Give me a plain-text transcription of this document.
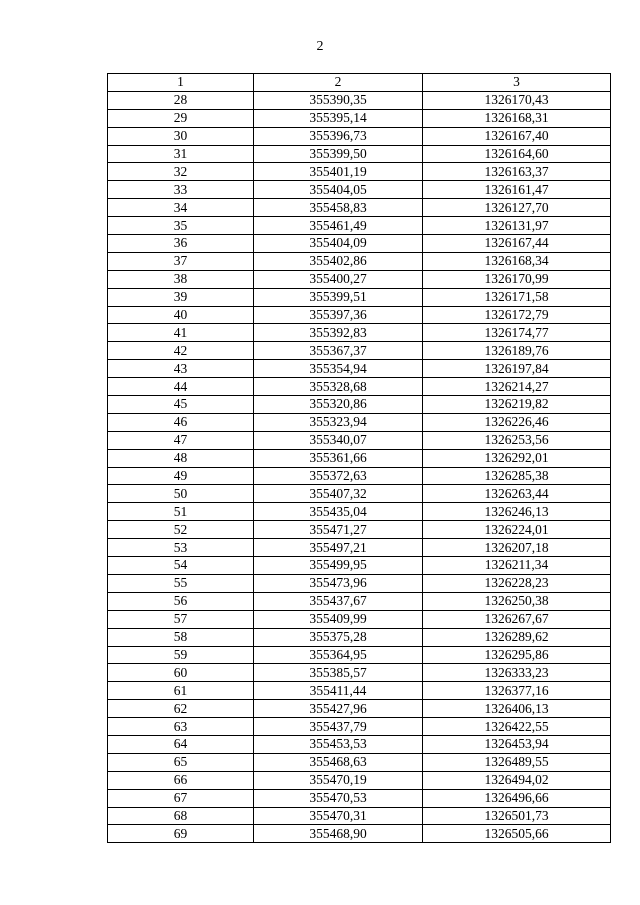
2
1	2	3
28	355390,35	1326170,43
29	355395,14	1326168,31
30	355396,73	1326167,40
31	355399,50	1326164,60
32	355401,19	1326163,37
33	355404,05	1326161,47
34	355458,83	1326127,70
35	355461,49	1326131,97
36	355404,09	1326167,44
37	355402,86	1326168,34
38	355400,27	1326170,99
39	355399,51	1326171,58
40	355397,36	1326172,79
41	355392,83	1326174,77
42	355367,37	1326189,76
43	355354,94	1326197,84
44	355328,68	1326214,27
45	355320,86	1326219,82
46	355323,94	1326226,46
47	355340,07	1326253,56
48	355361,66	1326292,01
49	355372,63	1326285,38
50	355407,32	1326263,44
51	355435,04	1326246,13
52	355471,27	1326224,01
53	355497,21	1326207,18
54	355499,95	1326211,34
55	355473,96	1326228,23
56	355437,67	1326250,38
57	355409,99	1326267,67
58	355375,28	1326289,62
59	355364,95	1326295,86
60	355385,57	1326333,23
61	355411,44	1326377,16
62	355427,96	1326406,13
63	355437,79	1326422,55
64	355453,53	1326453,94
65	355468,63	1326489,55
66	355470,19	1326494,02
67	355470,53	1326496,66
68	355470,31	1326501,73
69	355468,90	1326505,66
